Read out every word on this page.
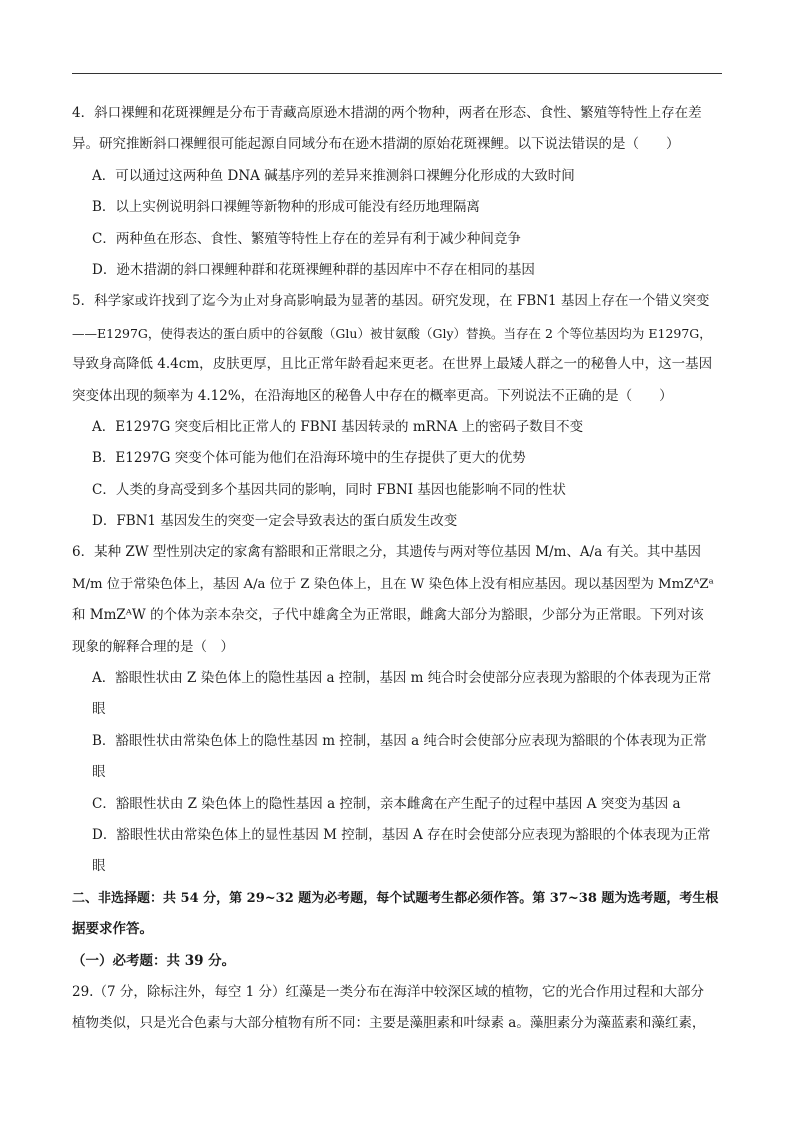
4．斜口裸鲤和花斑裸鲤是分布于青藏高原逊木措湖的两个物种，两者在形态、食性、繁殖等特性上存在差
异。研究推断斜口裸鲤很可能起源自同域分布在逊木措湖的原始花斑裸鲤。以下说法错误的是（　　）
A．可以通过这两种鱼 DNA 碱基序列的差异来推测斜口裸鲤分化形成的大致时间
B．以上实例说明斜口裸鲤等新物种的形成可能没有经历地理隔离
C．两种鱼在形态、食性、繁殖等特性上存在的差异有利于减少种间竞争
D．逊木措湖的斜口裸鲤种群和花斑裸鲤种群的基因库中不存在相同的基因
5．科学家或许找到了迄今为止对身高影响最为显著的基因。研究发现，在 FBN1 基因上存在一个错义突变
——E1297G，使得表达的蛋白质中的谷氨酸（Glu）被甘氨酸（Gly）替换。当存在 2 个等位基因均为 E1297G，
导致身高降低 4.4cm，皮肤更厚，且比正常年龄看起来更老。在世界上最矮人群之一的秘鲁人中，这一基因
突变体出现的频率为 4.12%，在沿海地区的秘鲁人中存在的概率更高。下列说法不正确的是（　　）
A．E1297G 突变后相比正常人的 FBNI 基因转录的 mRNA 上的密码子数目不变
B．E1297G 突变个体可能为他们在沿海环境中的生存提供了更大的优势
C．人类的身高受到多个基因共同的影响，同时 FBNI 基因也能影响不同的性状
D．FBN1 基因发生的突变一定会导致表达的蛋白质发生改变
6．某种 ZW 型性别决定的家禽有豁眼和正常眼之分，其遗传与两对等位基因 M/m、A/a 有关。其中基因
M/m 位于常染色体上，基因 A/a 位于 Z 染色体上，且在 W 染色体上没有相应基因。现以基因型为 MmZᴬZᵃ
和 MmZᴬW 的个体为亲本杂交，子代中雄禽全为正常眼，雌禽大部分为豁眼，少部分为正常眼。下列对该
现象的解释合理的是（　）
A．豁眼性状由 Z 染色体上的隐性基因 a 控制，基因 m 纯合时会使部分应表现为豁眼的个体表现为正常
眼
B．豁眼性状由常染色体上的隐性基因 m 控制，基因 a 纯合时会使部分应表现为豁眼的个体表现为正常
眼
C．豁眼性状由 Z 染色体上的隐性基因 a 控制，亲本雌禽在产生配子的过程中基因 A 突变为基因 a
D．豁眼性状由常染色体上的显性基因 M 控制，基因 A 存在时会使部分应表现为豁眼的个体表现为正常
眼
二、非选择题：共 54 分，第 29~32 题为必考题，每个试题考生都必须作答。第 37~38 题为选考题，考生根
据要求作答。
（一）必考题：共 39 分。
29.（7 分，除标注外，每空 1 分）红藻是一类分布在海洋中较深区域的植物，它的光合作用过程和大部分
植物类似，只是光合色素与大部分植物有所不同：主要是藻胆素和叶绿素 a。藻胆素分为藻蓝素和藻红素，
